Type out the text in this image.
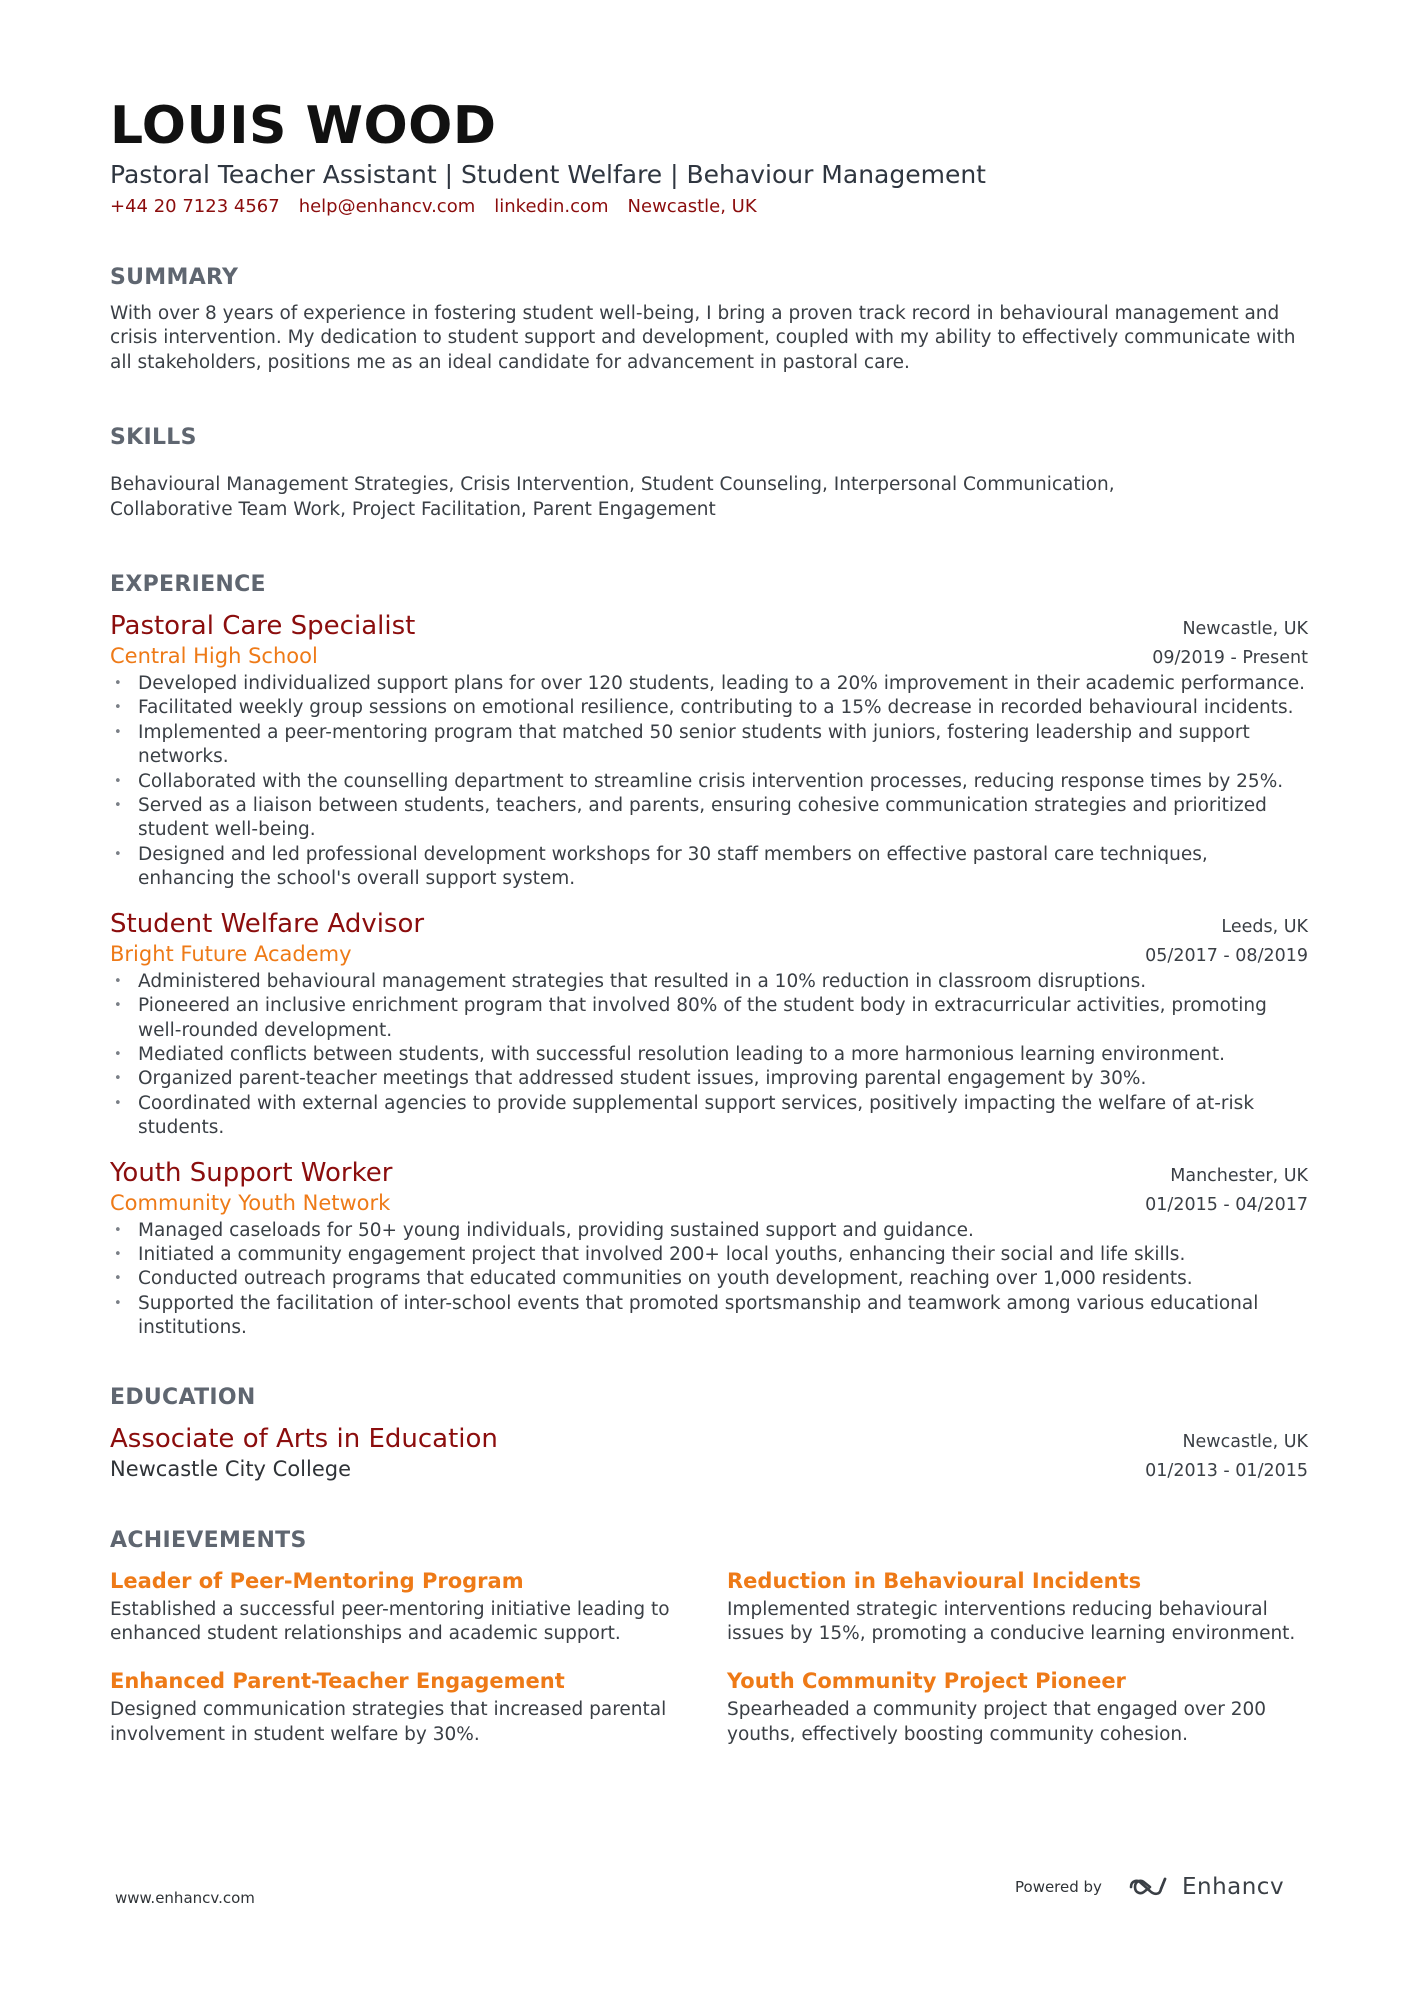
LOUIS WOOD
Pastoral Teacher Assistant | Student Welfare | Behaviour Management
+44 20 7123 4567 help@enhancv.com linkedin.com Newcastle, UK
SUMMARY
With over 8 years of experience in fostering student well-being, I bring a proven track record in behavioural management and crisis intervention. My dedication to student support and development, coupled with my ability to effectively communicate with all stakeholders, positions me as an ideal candidate for advancement in pastoral care.
SKILLS
Behavioural Management Strategies, Crisis Intervention, Student Counseling, Interpersonal Communication,
Collaborative Team Work, Project Facilitation, Parent Engagement
EXPERIENCE
Pastoral Care Specialist	Newcastle, UK
Central High School	09/2019 - Present
• Developed individualized support plans for over 120 students, leading to a 20% improvement in their academic performance.
• Facilitated weekly group sessions on emotional resilience, contributing to a 15% decrease in recorded behavioural incidents.
• Implemented a peer-mentoring program that matched 50 senior students with juniors, fostering leadership and support networks.
• Collaborated with the counselling department to streamline crisis intervention processes, reducing response times by 25%.
• Served as a liaison between students, teachers, and parents, ensuring cohesive communication strategies and prioritized student well-being.
• Designed and led professional development workshops for 30 staff members on effective pastoral care techniques, enhancing the school's overall support system.
Student Welfare Advisor	Leeds, UK
Bright Future Academy	05/2017 - 08/2019
• Administered behavioural management strategies that resulted in a 10% reduction in classroom disruptions.
• Pioneered an inclusive enrichment program that involved 80% of the student body in extracurricular activities, promoting well-rounded development.
• Mediated conflicts between students, with successful resolution leading to a more harmonious learning environment.
• Organized parent-teacher meetings that addressed student issues, improving parental engagement by 30%.
• Coordinated with external agencies to provide supplemental support services, positively impacting the welfare of at-risk students.
Youth Support Worker	Manchester, UK
Community Youth Network	01/2015 - 04/2017
• Managed caseloads for 50+ young individuals, providing sustained support and guidance.
• Initiated a community engagement project that involved 200+ local youths, enhancing their social and life skills.
• Conducted outreach programs that educated communities on youth development, reaching over 1,000 residents.
• Supported the facilitation of inter-school events that promoted sportsmanship and teamwork among various educational institutions.
EDUCATION
Associate of Arts in Education	Newcastle, UK
Newcastle City College	01/2013 - 01/2015
ACHIEVEMENTS
Leader of Peer-Mentoring Program
Established a successful peer-mentoring initiative leading to enhanced student relationships and academic support.
Reduction in Behavioural Incidents
Implemented strategic interventions reducing behavioural issues by 15%, promoting a conducive learning environment.
Enhanced Parent-Teacher Engagement
Designed communication strategies that increased parental involvement in student welfare by 30%.
Youth Community Project Pioneer
Spearheaded a community project that engaged over 200 youths, effectively boosting community cohesion.
www.enhancv.com
Powered by	Enhancv
